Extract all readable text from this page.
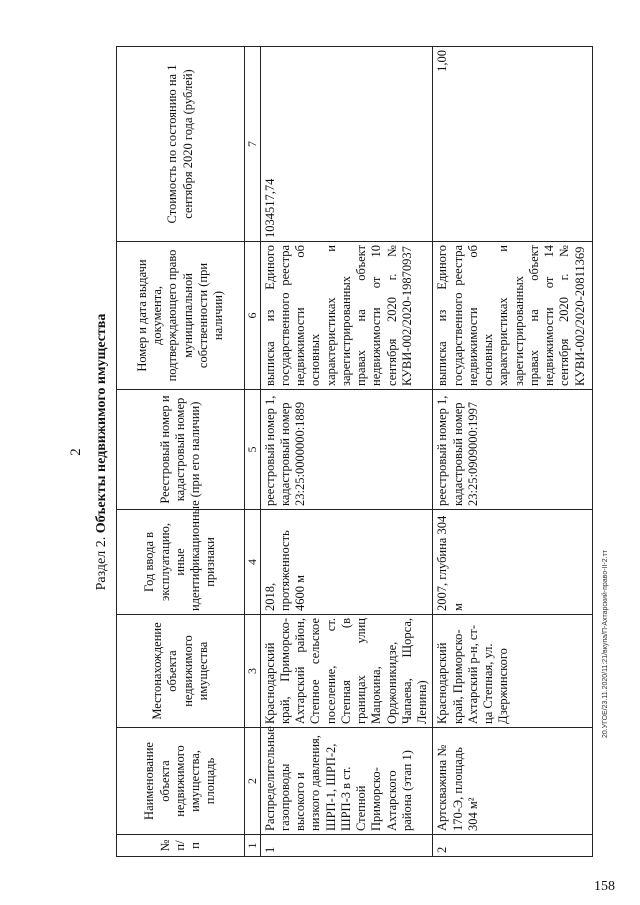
2
Раздел 2. Объекты недвижимого имущества
№ п/п	Наименование объекта недвижимого имущества, площадь	Местонахождение объекта недвижимого имущества	Год ввода в эксплуатацию, иные идентификационные признаки	Реестровый номер и кадастровый номер (при его наличии)	Номер и дата выдачи документа, подтверждающего право муниципальной собственности (при наличии)	Стоимость по состоянию на 1 сентября 2020 года (рублей)
1	2	3	4	5	6	7
1	Распределительные газопроводы высокого и низкого давления, ШРП-1, ШРП-2, ШРП-3 в ст. Степной Приморско-Ахтарского района (этап 1)	Краснодарский край, Приморско-Ахтарский район, Степное сельское поселение, ст. Степная (в границах улиц Мацокина, Орджоникидзе, Чапаева, Щорса, Ленина)	2018, протяженность 4600 м	реестровый номер 1, кадастровый номер 23:25:0000000:1889	выписка из Единого государственного реестра недвижимости об основных характеристиках и зарегистрированных правах на объект недвижимости от 10 сентября 2020 г. № КУВИ-002/2020-19870937	1034517,74
2	Артскважина № 170-Э, площадь 304 м²	Краснодарский край, Приморско-Ахтарский р-н, ст-ца Степная, ул. Дзержинского	2007, глубина 304 м	реестровый номер 1, кадастровый номер 23:25:0909000:1997	выписка из Единого государственного реестра недвижимости об основных характеристиках и зарегистрированных правах на объект недвижимости от 14 сентября 2020 г. № КУВИ-002/2020-20811369	1,00
20.УГОЕ/23.11.2020/11:21/вкупа/П-Ахтарский-право-II-2.тт
158
